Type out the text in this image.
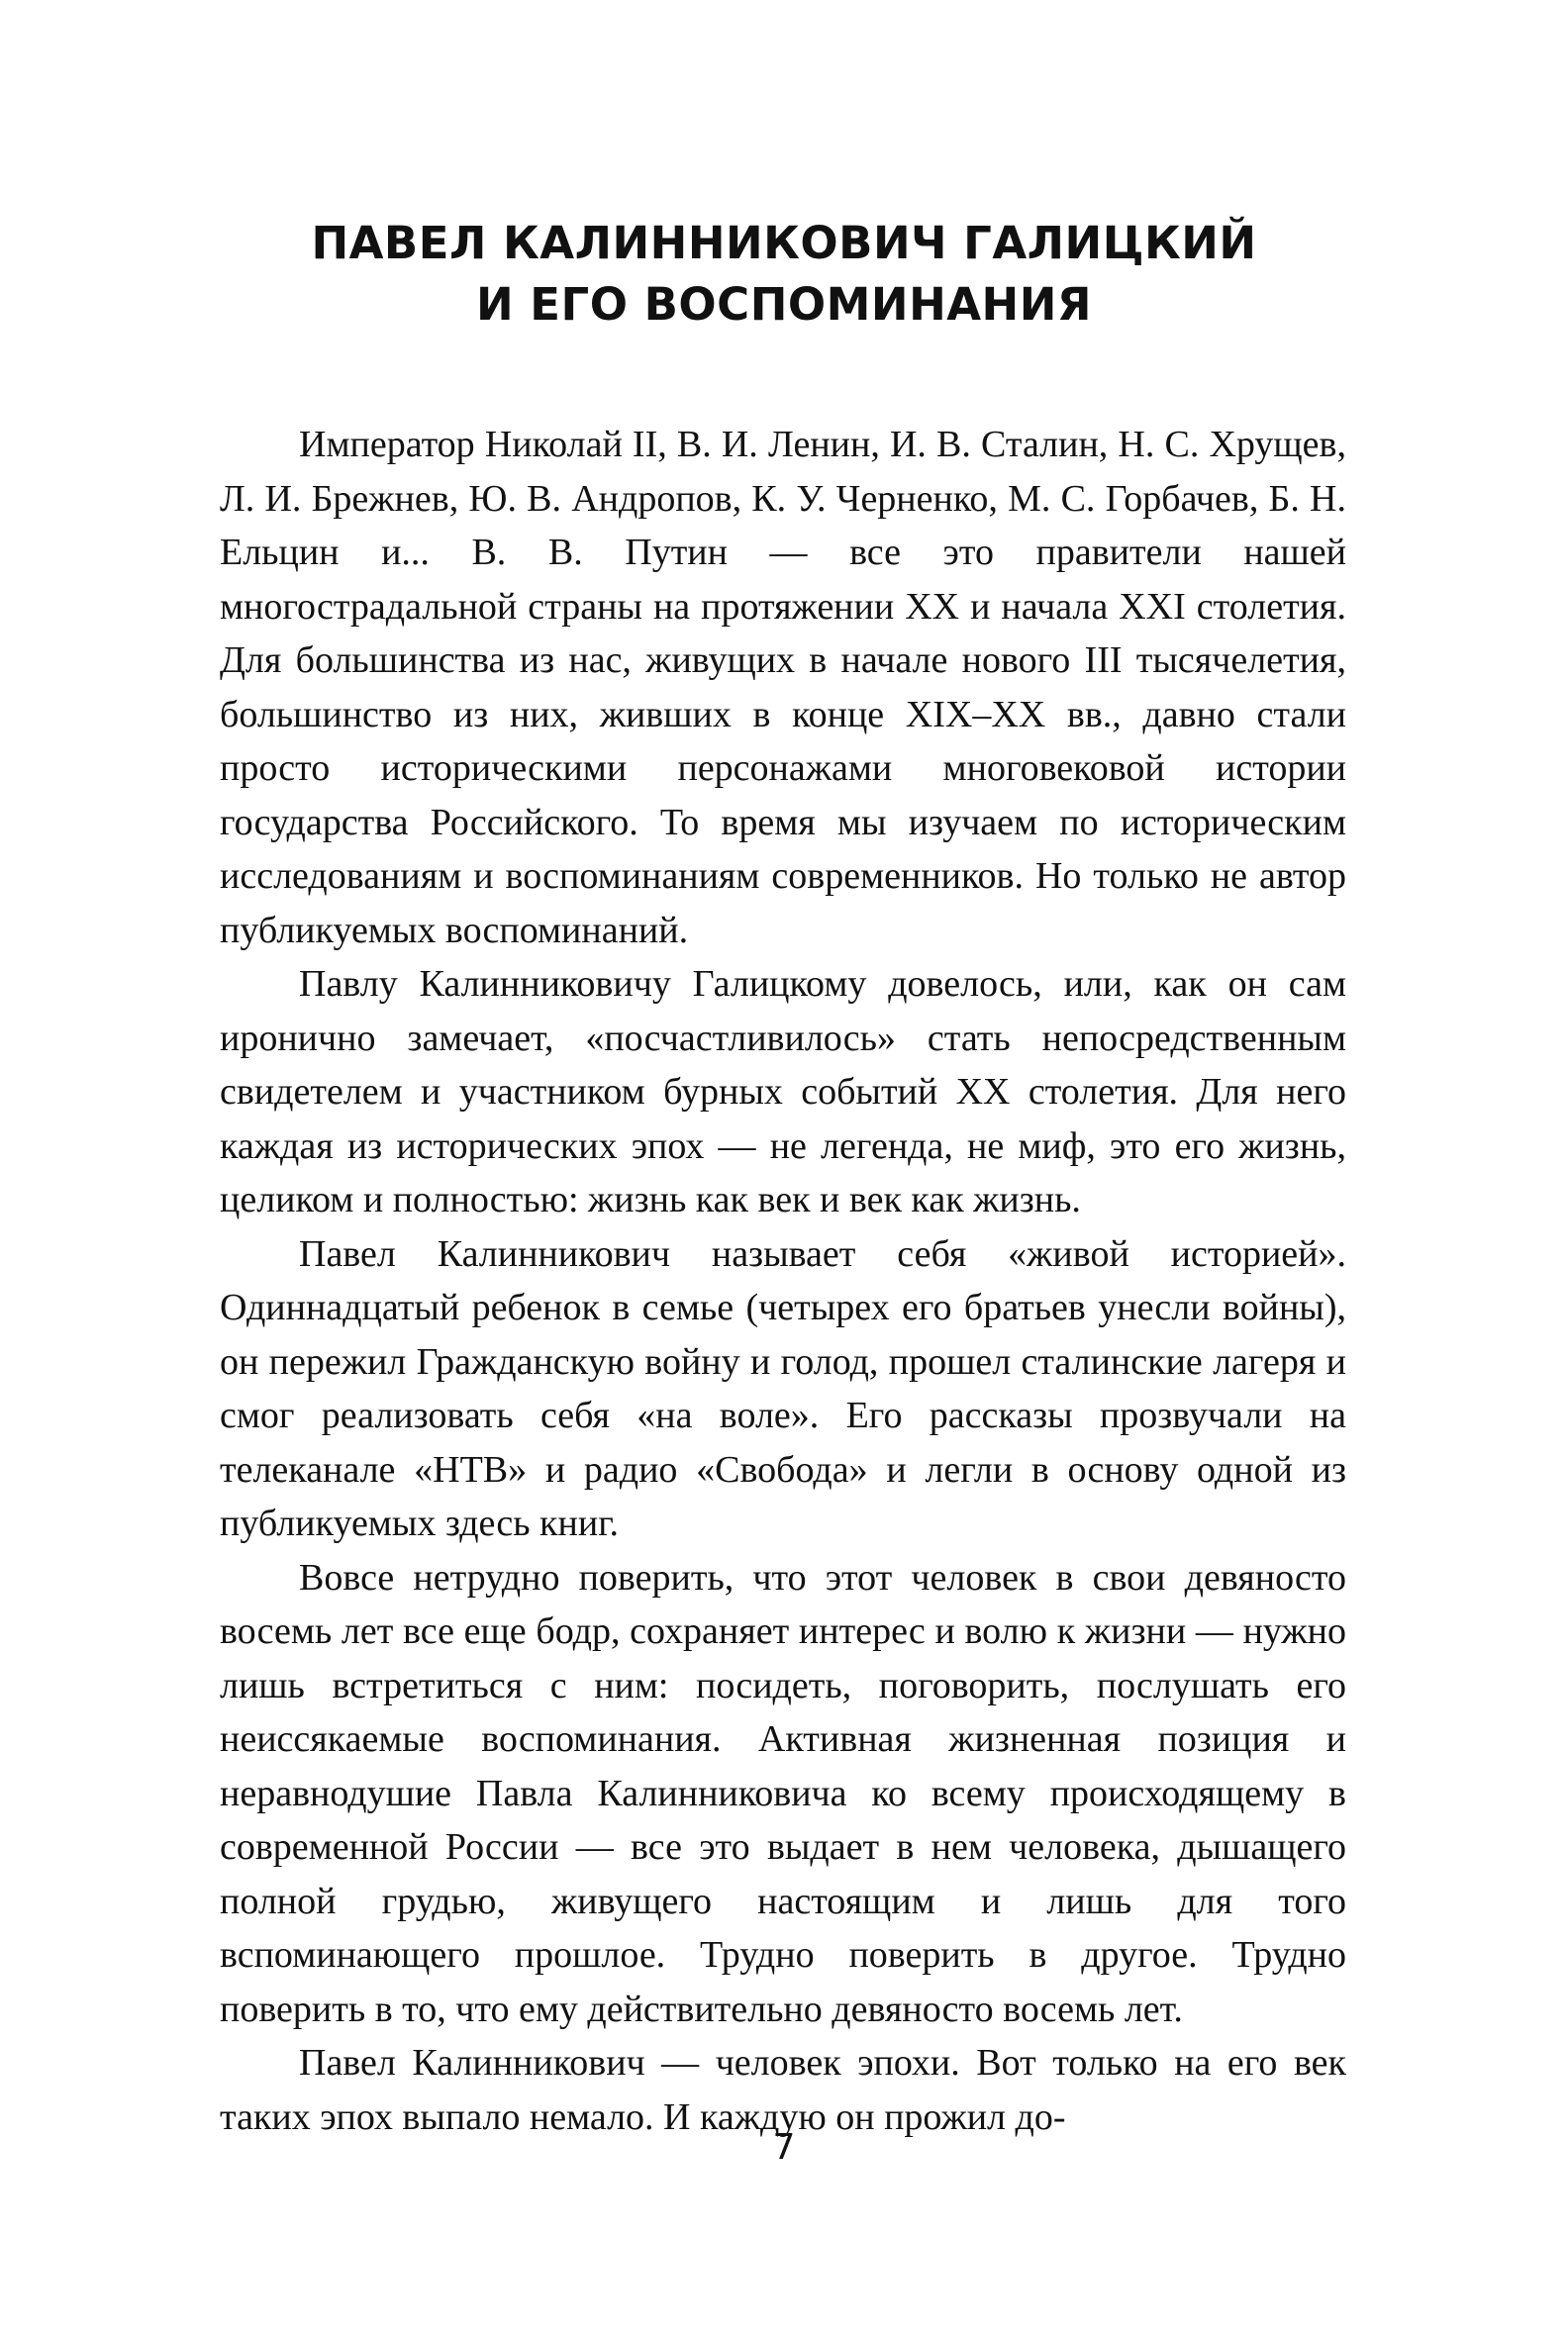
ПАВЕЛ КАЛИННИКОВИЧ ГАЛИЦКИЙ
И ЕГО ВОСПОМИНАНИЯ

Император Николай II, В. И. Ленин, И. В. Сталин, Н. С. Хрущев, Л. И. Брежнев, Ю. В. Андропов, К. У. Черненко, М. С. Горбачев, Б. Н. Ельцин и... В. В. Путин — все это правители нашей многострадальной страны на протяжении XX и начала XXI столетия. Для большинства из нас, живущих в начале нового III тысячелетия, большинство из них, живших в конце XIX–XX вв., давно стали просто историческими персонажами многовековой истории государства Российского. То время мы изучаем по историческим исследованиям и воспоминаниям современников. Но только не автор публикуемых воспоминаний.

Павлу Калинниковичу Галицкому довелось, или, как он сам иронично замечает, «посчастливилось» стать непосредственным свидетелем и участником бурных событий XX столетия. Для него каждая из исторических эпох — не легенда, не миф, это его жизнь, целиком и полностью: жизнь как век и век как жизнь.

Павел Калинникович называет себя «живой историей». Одиннадцатый ребенок в семье (четырех его братьев унесли войны), он пережил Гражданскую войну и голод, прошел сталинские лагеря и смог реализовать себя «на воле». Его рассказы прозвучали на телеканале «НТВ» и радио «Свобода» и легли в основу одной из публикуемых здесь книг.

Вовсе нетрудно поверить, что этот человек в свои девяносто восемь лет все еще бодр, сохраняет интерес и волю к жизни — нужно лишь встретиться с ним: посидеть, поговорить, послушать его неиссякаемые воспоминания. Активная жизненная позиция и неравнодушие Павла Калинниковича ко всему происходящему в современной России — все это выдает в нем человека, дышащего полной грудью, живущего настоящим и лишь для того вспоминающего прошлое. Трудно поверить в другое. Трудно поверить в то, что ему действительно девяносто восемь лет.

Павел Калинникович — человек эпохи. Вот только на его век таких эпох выпало немало. И каждую он прожил до-

7
